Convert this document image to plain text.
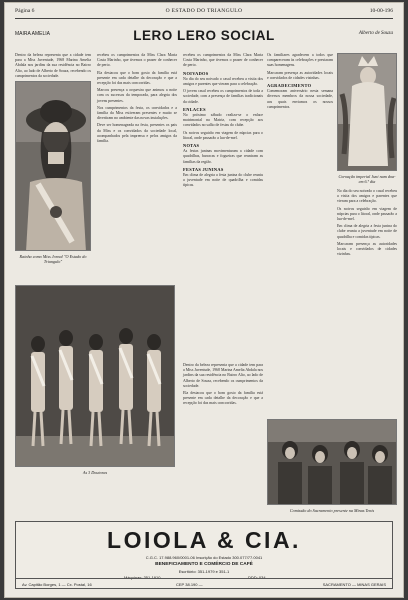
Página 6	O ESTADO DO TRIANGULO	10-00-196
MAIRA AMELIA	LERO LERO SOCIAL	Alberto de Souza

Dentro da beleza representa que a cidade tem para a Miss Juventude, 1968 Marina Amelia Abdala nos jardins da sua residência no Bairro Alto, ao lado de Alberto de Souza, recebendo os cumprimentos da sociedade.

Rainha como Miss Jornal "O Estado do Triangulo"

recebeu os cumprimentos da Miss Clara Maria Costa Marinho, que tivemos o prazer de conhecer de perto.

Ela destacou que o bom gosto da família está presente em cada detalhe da decoração e que a recepção foi das mais concorridas.

Marcou presença a orquestra que animou a noite com os sucessos da temporada, para alegria dos jovens presentes.

Nos cumprimentos da festa, os convidados e a família da Miss estiveram presentes e muito se divertiram no ambiente das novas instalações.

Deve ser homenageada na festa, presentes os pais da Miss e os convidados da sociedade local, acompanhados pela imprensa e pelos amigos da família.

recebeu os cumprimentos da Miss Clara Maria Costa Marinho, que tivemos o prazer de conhecer de perto.

NOIVADOS

No dia do seu noivado o casal recebeu a visita dos amigos e parentes que vieram para a celebração.

O jovem casal recebeu os cumprimentos de toda a sociedade, com a presença de famílias tradicionais da cidade.

ENLACES

No próximo sábado realiza-se o enlace matrimonial na Matriz, com recepção aos convidados no salão de festas do clube.

Os noivos seguirão em viagem de núpcias para o litoral, onde passarão a lua-de-mel.

NOTAS

As festas juninas movimentaram a cidade com quadrilhas, barracas e fogueiras que reuniram as famílias da região.

FESTAS JUNINAS

Em clima de alegria a festa junina do clube reuniu a juventude em noite de quadrilha e comidas típicas.

Os familiares agradecem a todos que compareceram às celebrações e prestaram suas homenagens.

Marcaram presença as autoridades locais e convidados de cidades vizinhas.

AGRADECIMENTO

Comemoram aniversário nesta semana diversos membros da nossa sociedade, aos quais enviamos os nossos cumprimentos.

Coroação imperial Juni num doa-em 6.º dia

No dia do seu noivado o casal recebeu a visita dos amigos e parentes que vieram para a celebração.

Os noivos seguirão em viagem de núpcias para o litoral, onde passarão a lua-de-mel.

Em clima de alegria a festa junina do clube reuniu a juventude em noite de quadrilha e comidas típicas.

Marcaram presença as autoridades locais e convidados de cidades vizinhas.

As 3 Doutoras

Dentro da beleza representa que a cidade tem para a Miss Juventude, 1968 Marina Amelia Abdala nos jardins da sua residência no Bairro Alto, ao lado de Alberto de Souza, recebendo os cumprimentos da sociedade.

Ela destacou que o bom gosto da família está presente em cada detalhe da decoração e que a recepção foi das mais concorridas.

Comissão do Sacramento presente na Minas Tenis
LOIOLA & CIA.
C.G.C. 17.988.960/0001-06 Inscrição do Estado 300.077/77.0041
BENEFICIAMENTO E COMÉRCIO DE CAFÉ
Escritório: 351-1979 e 351-1
Máquinas: 351-1910	DDD: 034
Av. Capitão Borges, 1 — Cx. Postal, 16	CEP 38.190 —	SACRAMENTO — MINAS GERAIS
